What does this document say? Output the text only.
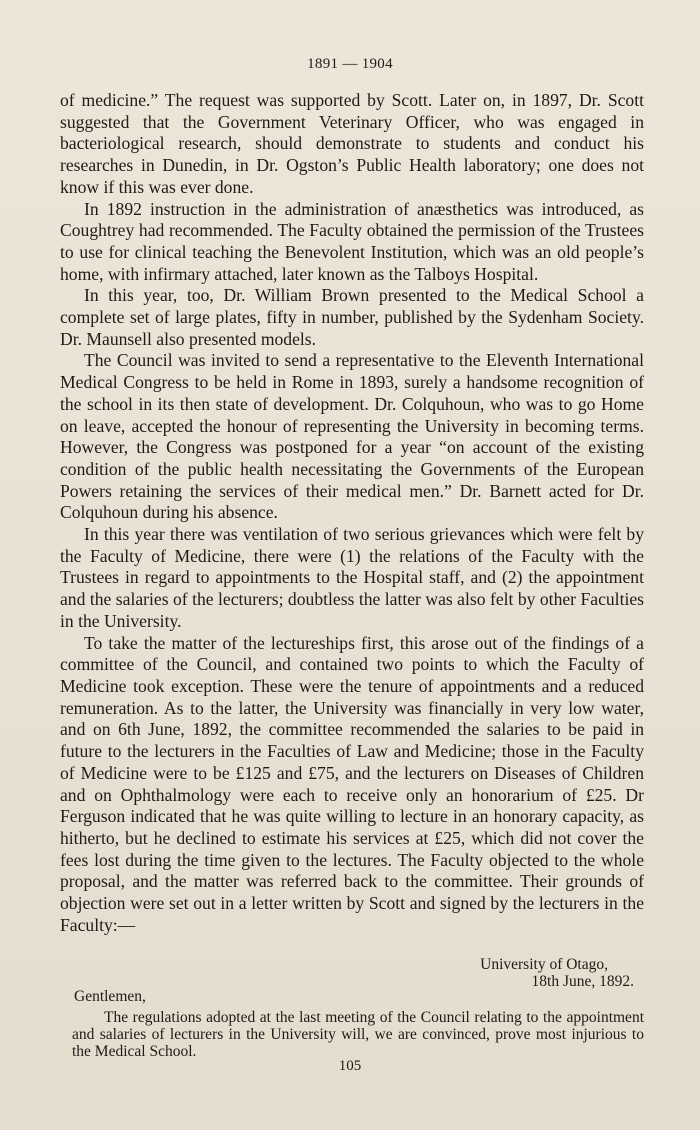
1891 — 1904

of medicine.” The request was supported by Scott. Later on, in 1897, Dr. Scott suggested that the Government Veterinary Officer, who was engaged in bacteriological research, should demonstrate to students and conduct his researches in Dunedin, in Dr. Ogston’s Public Health laboratory; one does not know if this was ever done.

In 1892 instruction in the administration of anæsthetics was introduced, as Coughtrey had recommended. The Faculty obtained the permission of the Trustees to use for clinical teaching the Benevolent Institution, which was an old people’s home, with infirmary attached, later known as the Talboys Hospital.

In this year, too, Dr. William Brown presented to the Medical School a complete set of large plates, fifty in number, published by the Sydenham Society. Dr. Maunsell also presented models.

The Council was invited to send a representative to the Eleventh International Medical Congress to be held in Rome in 1893, surely a handsome recognition of the school in its then state of development. Dr. Colquhoun, who was to go Home on leave, accepted the honour of representing the University in becoming terms. However, the Congress was postponed for a year “on account of the existing condition of the public health necessitating the Governments of the European Powers retaining the services of their medical men.” Dr. Barnett acted for Dr. Colquhoun during his absence.

In this year there was ventilation of two serious grievances which were felt by the Faculty of Medicine, there were (1) the relations of the Faculty with the Trustees in regard to appointments to the Hospital staff, and (2) the appointment and the salaries of the lecturers; doubtless the latter was also felt by other Faculties in the University.

To take the matter of the lectureships first, this arose out of the findings of a committee of the Council, and contained two points to which the Faculty of Medicine took exception. These were the tenure of appointments and a reduced remuneration. As to the latter, the University was financially in very low water, and on 6th June, 1892, the committee recommended the salaries to be paid in future to the lecturers in the Faculties of Law and Medicine; those in the Faculty of Medicine were to be £125 and £75, and the lecturers on Diseases of Children and on Ophthalmology were each to receive only an honorarium of £25. Dr Ferguson indicated that he was quite willing to lecture in an honorary capacity, as hitherto, but he declined to estimate his services at £25, which did not cover the fees lost during the time given to the lectures. The Faculty objected to the whole proposal, and the matter was referred back to the committee. Their grounds of objection were set out in a letter written by Scott and signed by the lecturers in the Faculty:—

University of Otago,
18th June, 1892.
Gentlemen,

The regulations adopted at the last meeting of the Council relating to the appointment and salaries of lecturers in the University will, we are convinced, prove most injurious to the Medical School.

105
